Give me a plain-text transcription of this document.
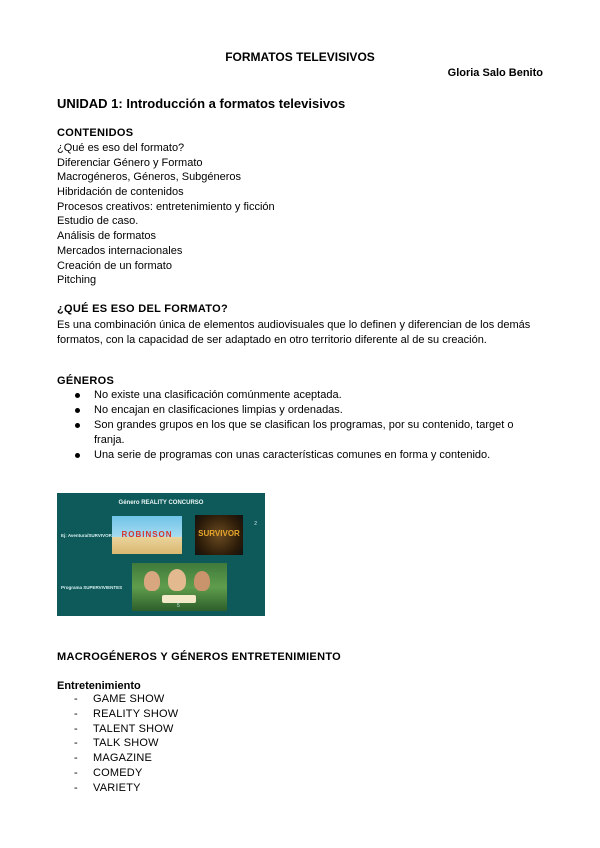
FORMATOS TELEVISIVOS
Gloria Salo Benito
UNIDAD 1: Introducción a formatos televisivos
CONTENIDOS
¿Qué es eso del formato?
Diferenciar Género y Formato
Macrogéneros, Géneros, Subgéneros
Hibridación de contenidos
Procesos creativos: entretenimiento y ficción
Estudio de caso.
Análisis de formatos
Mercados internacionales
Creación de un formato
Pitching
¿QUÉ ES ESO DEL FORMATO?
Es una combinación única de elementos audiovisuales que lo definen y diferencian de los demás formatos, con la capacidad de ser adaptado en otro territorio diferente al de su creación.
GÉNEROS
No existe una clasificación comúnmente aceptada.
No encajan en clasificaciones limpias y ordenadas.
Son grandes grupos en los que se clasifican los programas, por su contenido, target o franja.
Una serie de programas con unas características comunes en forma y contenido.
Género REALITY CONCURSO
Ej: Aventura/SURVIVOR
Programa SUPERVIVIENTES
ROBINSON	SURVIVOR
2
5
MACROGÉNEROS Y GÉNEROS ENTRETENIMIENTO
Entretenimiento
- GAME SHOW
- REALITY SHOW
- TALENT SHOW
- TALK SHOW
- MAGAZINE
- COMEDY
- VARIETY
